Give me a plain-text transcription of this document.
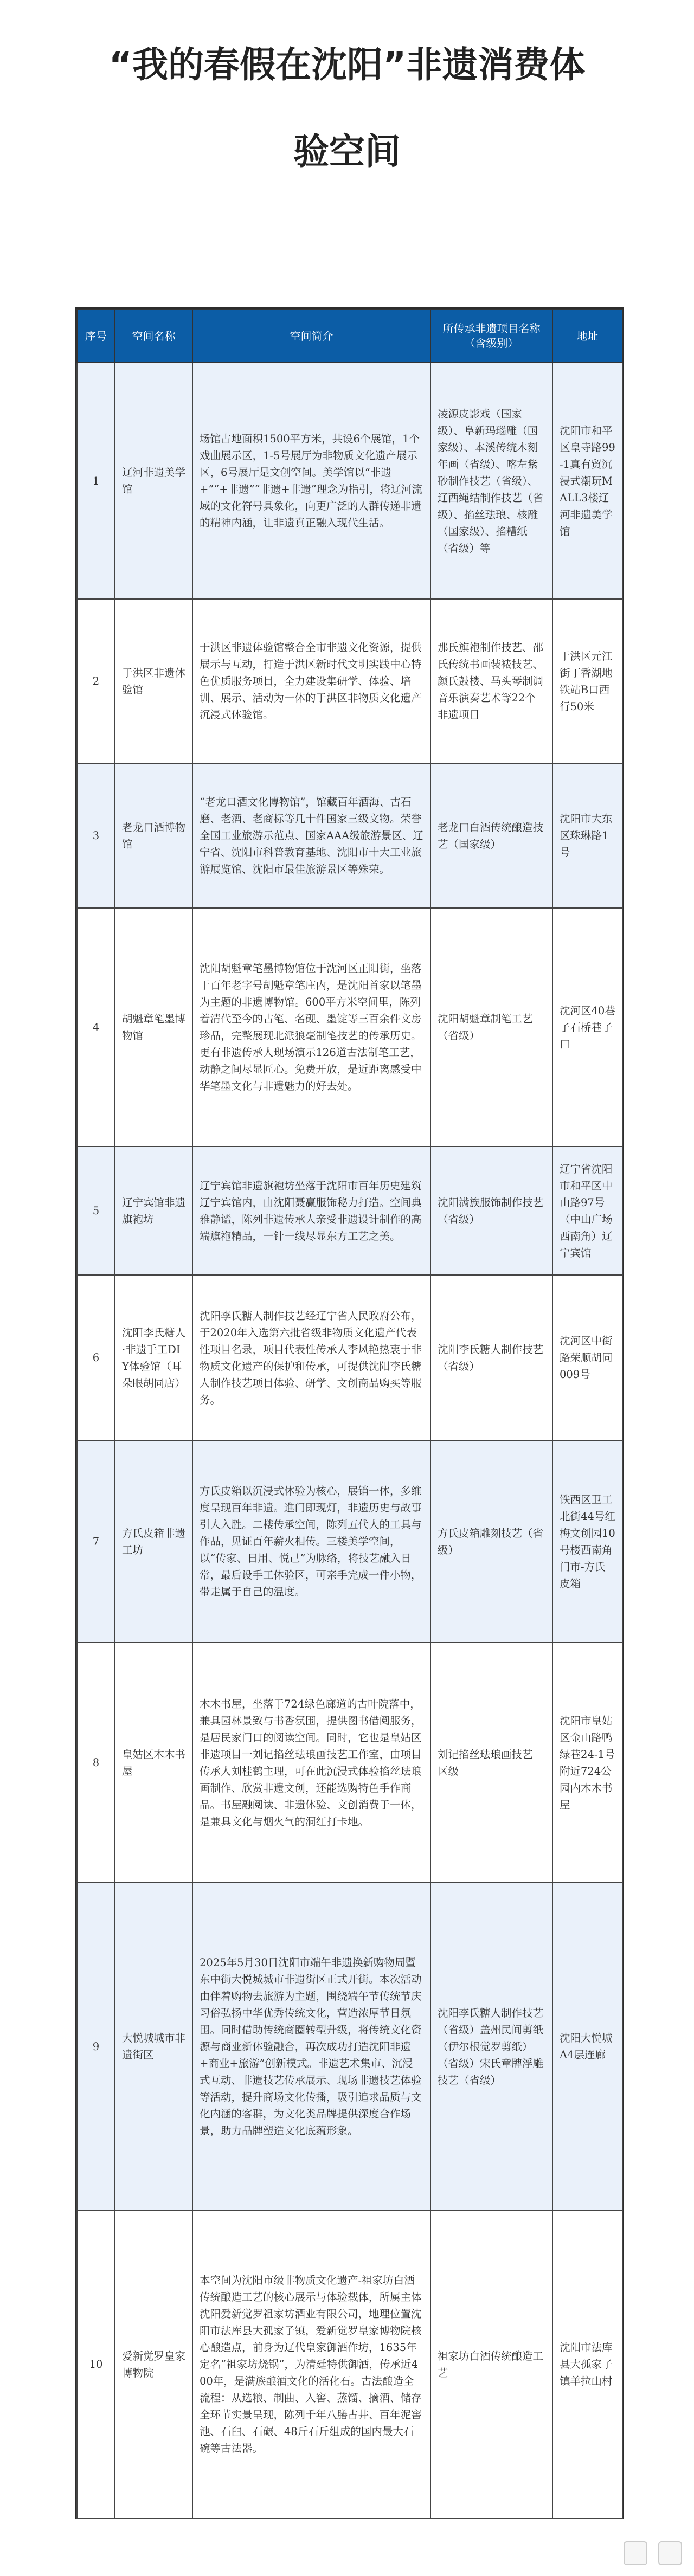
“我的春假在沈阳”非遗消费体
验空间
序号	空间名称	空间简介	所传承非遗项目名称（含级别）	地址
1	辽河非遗美学馆	场馆占地面积1500平方米，共设6个展馆，1个戏曲展示区，1-5号展厅为非物质文化遗产展示区，6号展厅是文创空间。美学馆以“非遗+”“+非遗”“非遗+非遗”理念为指引，将辽河流域的文化符号具象化，向更广泛的人群传递非遗的精神内涵，让非遗真正融入现代生活。	凌源皮影戏（国家级）、阜新玛瑙雕（国家级）、本溪传统木刻年画（省级）、喀左紫砂制作技艺（省级）、辽西绳结制作技艺（省级）、掐丝珐琅、核雕（国家级）、掐糟纸（省级）等	沈阳市和平区皇寺路99-1真有贸沉浸式潮玩MALL3楼辽河非遗美学馆
2	于洪区非遗体验馆	于洪区非遗体验馆整合全市非遗文化资源，提供展示与互动，打造于洪区新时代文明实践中心特色优质服务项目，全力建设集研学、体验、培训、展示、活动为一体的于洪区非物质文化遗产沉浸式体验馆。	那氏旗袍制作技艺、邵氏传统书画装裱技艺、颜氏鼓楼、马头琴制调音乐演奏艺术等22个非遗项目	于洪区元江街丁香湖地铁站B口西行50米
3	老龙口酒博物馆	“老龙口酒文化博物馆”，馆藏百年酒海、古石磨、老酒、老商标等几十件国家三级文物。荣誉全国工业旅游示范点、国家AAA级旅游景区、辽宁省、沈阳市科普教育基地、沈阳市十大工业旅游展览馆、沈阳市最佳旅游景区等殊荣。	老龙口白酒传统酿造技艺（国家级）	沈阳市大东区珠琳路1号
4	胡魁章笔墨博物馆	沈阳胡魁章笔墨博物馆位于沈河区正阳街，坐落于百年老字号胡魁章笔庄内，是沈阳首家以笔墨为主题的非遗博物馆。600平方米空间里，陈列着清代至今的古笔、名砚、墨锭等三百余件文房珍品，完整展现北派狼毫制笔技艺的传承历史。更有非遗传承人现场演示126道古法制笔工艺，动静之间尽显匠心。免费开放，是近距离感受中华笔墨文化与非遗魅力的好去处。	沈阳胡魁章制笔工艺（省级）	沈河区40巷子石桥巷子口
5	辽宁宾馆非遗旗袍坊	辽宁宾馆非遗旗袍坊坐落于沈阳市百年历史建筑辽宁宾馆内，由沈阳聂赢服饰秘力打造。空间典雅静谧，陈列非遗传承人亲受非遗设计制作的高端旗袍精品，一针一线尽显东方工艺之美。	沈阳满族服饰制作技艺（省级）	辽宁省沈阳市和平区中山路97号（中山广场西南角）辽宁宾馆
6	沈阳李氏糖人·非遗手工DIY体验馆（耳朵眼胡同店）	沈阳李氏糖人制作技艺经辽宁省人民政府公布，于2020年入选第六批省级非物质文化遗产代表性项目名录，项目代表性传承人李风艳热衷于非物质文化遗产的保护和传承，可提供沈阳李氏糖人制作技艺项目体验、研学、文创商品购买等服务。	沈阳李氏糖人制作技艺（省级）	沈河区中街路荣顺胡同009号
7	方氏皮箱非遗工坊	方氏皮箱以沉浸式体验为核心，展销一体，多维度呈现百年非遗。進门即现灯，非遗历史与故事引人入胜。二楼传承空间，陈列五代人的工具与作品，见证百年薪火相传。三楼美学空间，以“传家、日用、悦己”为脉络，将技艺融入日常，最后设手工体验区，可亲手完成一件小物，带走属于自己的温度。	方氏皮箱雕刻技艺（省级）	铁西区卫工北街44号红梅文创园10号楼西南角门市-方氏皮箱
8	皇姑区木木书屋	木木书屋，坐落于724绿色廊道的古叶院落中，兼具园林景致与书香氛围，提供图书借阅服务，是居民家门口的阅读空间。同时，它也是皇姑区非遗项目一刘记掐丝珐琅画技艺工作室，由项目传承人刘桂鹤主理，可在此沉浸式体验掐丝珐琅画制作、欣赏非遗文创，还能选购特色手作商品。书屋融阅读、非遗体验、文创消费于一体，是兼具文化与烟火气的洞红打卡地。	刘记掐丝珐琅画技艺 区级	沈阳市皇姑区金山路鸭绿巷24-1号附近724公园内木木书屋
9	大悦城城市非遗街区	2025年5月30日沈阳市端午非遗换新购物周暨东中街大悦城城市非遗街区正式开街。本次活动由伴着购物去旅游为主题，围绕端午节传统节庆习俗弘扬中华优秀传统文化，营造浓厚节日氛围。同时借助传统商圈转型升级，将传统文化资源与商业新体验融合，再次成功打造沈阳非遗+商业+旅游”创新模式。非遗艺术集市、沉浸式互动、非遗技艺传承展示、现场非遗技艺体验等活动，提升商场文化传播，吸引追求品质与文化内涵的客群，为文化类品牌提供深度合作场景，助力品牌塑造文化底蕴形象。	沈阳李氏糖人制作技艺（省级）盖州民间剪纸（伊尔根觉罗剪纸）（省级）宋氏章牌浮雕技艺（省级）	沈阳大悦城A4层连廊
10	爱新觉罗皇家博物院	本空间为沈阳市级非物质文化遗产-祖家坊白酒传统酿造工艺的核心展示与体验载体，所属主体沈阳爱新觉罗祖家坊酒业有限公司，地理位置沈阳市法库县大孤家子镇，爱新觉罗皇家博物院核心酿造点，前身为辽代皇家御酒作坊，1635年定名“祖家坊烧锅”，为清廷特供御酒，传承近400年，是满族酿酒文化的活化石。古法酿造全流程：从选粮、制曲、入窖、蒸馏、摘酒、储存全环节实景呈现，陈列千年八膳古井、百年泥窖池、石臼、石碾、48斤石斤组成的国内最大石碗等古法器。	祖家坊白酒传统酿造工艺	沈阳市法库县大孤家子镇羊拉山村
